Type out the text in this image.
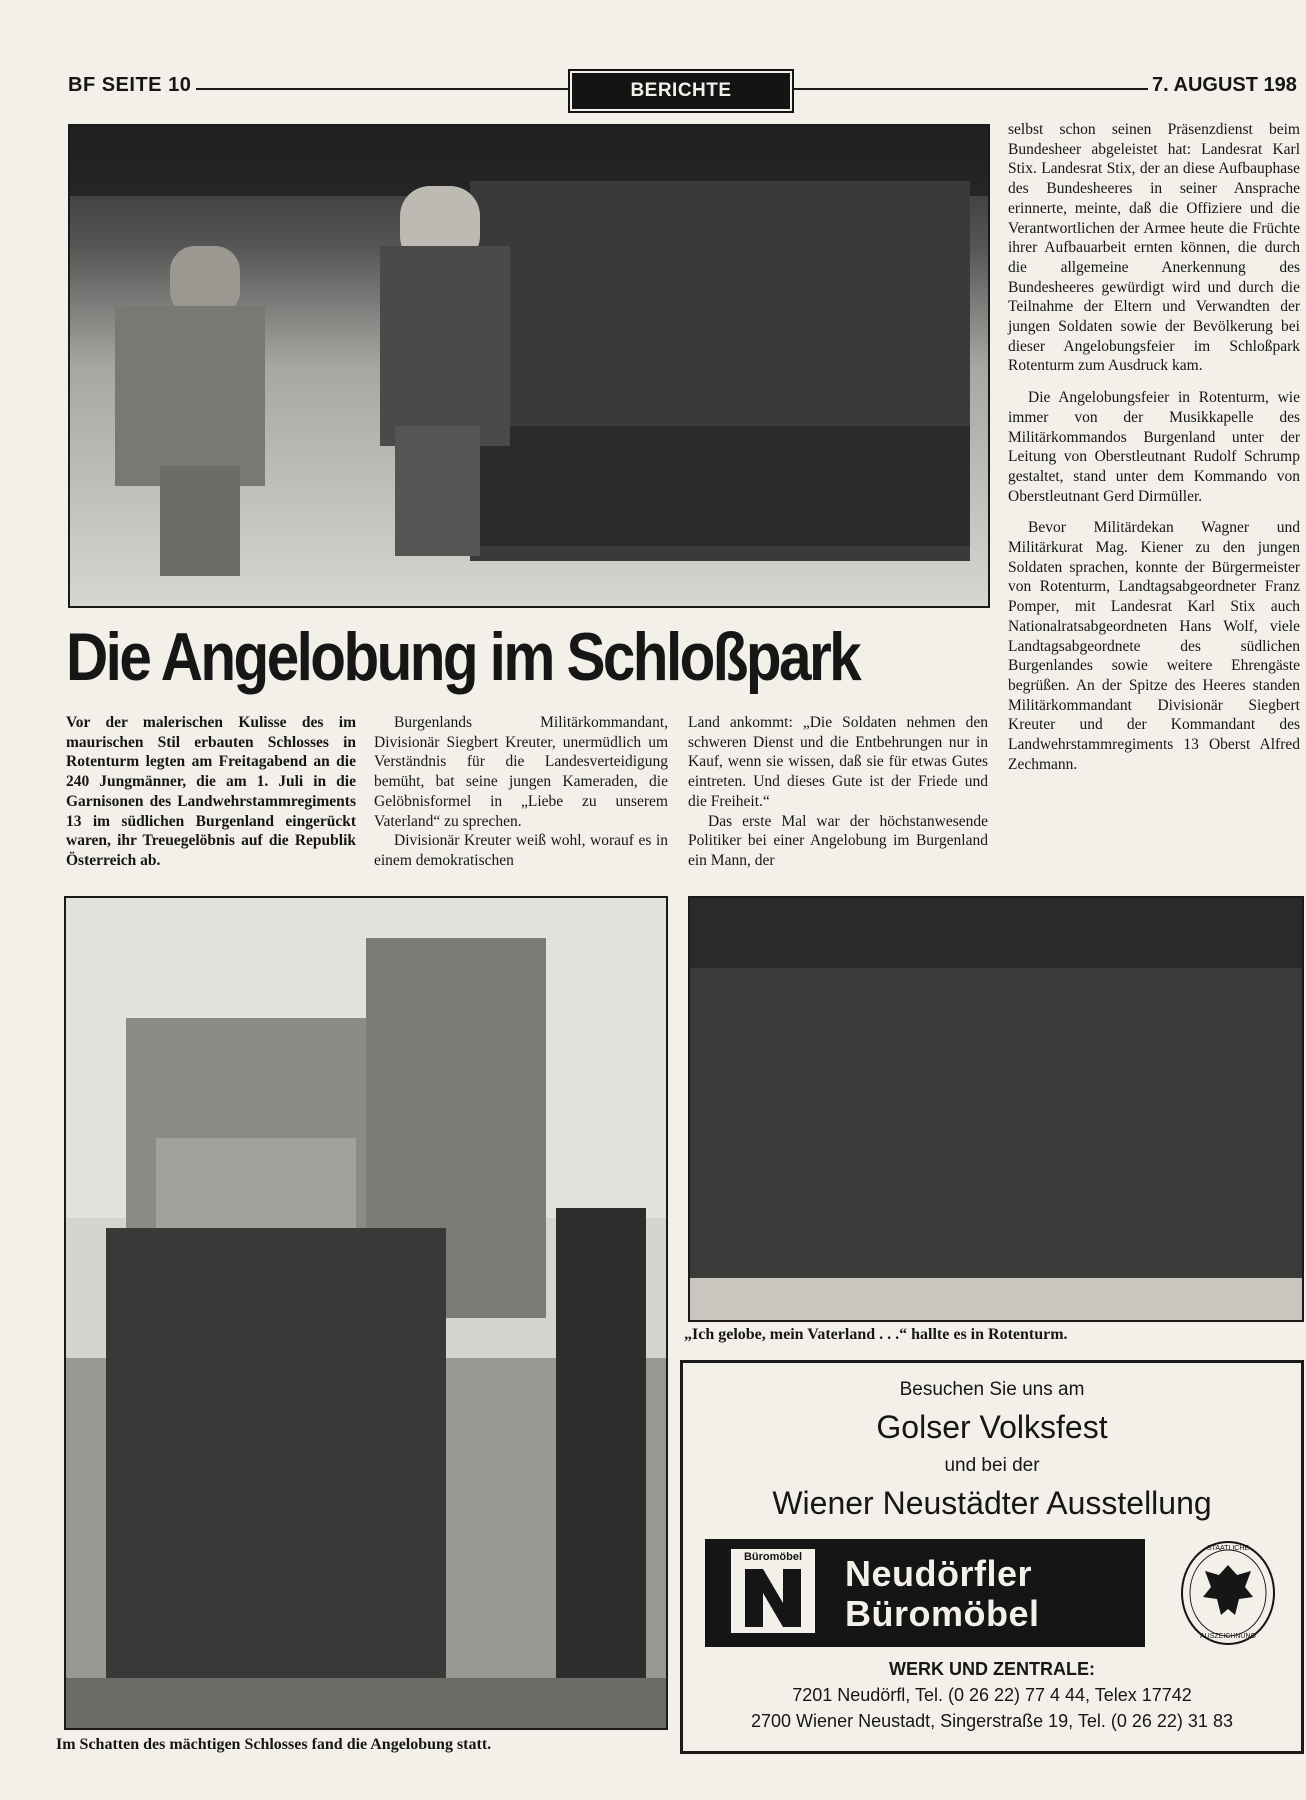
BF SEITE 10	BERICHTE	7. AUGUST 198
Die Angelobung im Schloßpark

Vor der malerischen Kulisse des im maurischen Stil erbauten Schlosses in Rotenturm legten am Freitagabend an die 240 Jungmänner, die am 1. Juli in die Garnisonen des Landwehrstammregiments 13 im südlichen Burgenland eingerückt waren, ihr Treuegelöbnis auf die Republik Österreich ab.

Burgenlands Militärkommandant, Divisionär Siegbert Kreuter, unermüdlich um Verständnis für die Landesverteidigung bemüht, bat seine jungen Kameraden, die Gelöbnisformel in „Liebe zu unserem Vaterland“ zu sprechen.

Divisionär Kreuter weiß wohl, worauf es in einem demokratischen

Land ankommt: „Die Soldaten nehmen den schweren Dienst und die Entbehrungen nur in Kauf, wenn sie wissen, daß sie für etwas Gutes eintreten. Und dieses Gute ist der Friede und die Freiheit.“

Das erste Mal war der höchstanwesende Politiker bei einer Angelobung im Burgenland ein Mann, der

selbst schon seinen Präsenzdienst beim Bundesheer abgeleistet hat: Landesrat Karl Stix. Landesrat Stix, der an diese Aufbauphase des Bundesheeres in seiner Ansprache erinnerte, meinte, daß die Offiziere und die Verantwortlichen der Armee heute die Früchte ihrer Aufbauarbeit ernten können, die durch die allgemeine Anerkennung des Bundesheeres gewürdigt wird und durch die Teilnahme der Eltern und Verwandten der jungen Soldaten sowie der Bevölkerung bei dieser Angelobungsfeier im Schloßpark Rotenturm zum Ausdruck kam.

Die Angelobungsfeier in Rotenturm, wie immer von der Musikkapelle des Militärkommandos Burgenland unter der Leitung von Oberstleutnant Rudolf Schrump gestaltet, stand unter dem Kommando von Oberstleutnant Gerd Dirmüller.

Bevor Militärdekan Wagner und Militärkurat Mag. Kiener zu den jungen Soldaten sprachen, konnte der Bürgermeister von Rotenturm, Landtagsabgeordneter Franz Pomper, mit Landesrat Karl Stix auch Nationalratsabgeordneten Hans Wolf, viele Landtagsabgeordnete des südlichen Burgenlandes sowie weitere Ehrengäste begrüßen. An der Spitze des Heeres standen Militärkommandant Divisionär Siegbert Kreuter und der Kommandant des Landwehrstammregiments 13 Oberst Alfred Zechmann.

Im Schatten des mächtigen Schlosses fand die Angelobung statt.
„Ich gelobe, mein Vaterland . . .“ hallte es in Rotenturm.
Besuchen Sie uns am
Golser Volksfest
und bei der
Wiener Neustädter Ausstellung
Büromöbel	Neudörfler
Büromöbel
STAATLICHE
AUSZEICHNUNG
WERK UND ZENTRALE:
7201 Neudörfl, Tel. (0 26 22) 77 4 44, Telex 17742
2700 Wiener Neustadt, Singerstraße 19, Tel. (0 26 22) 31 83
